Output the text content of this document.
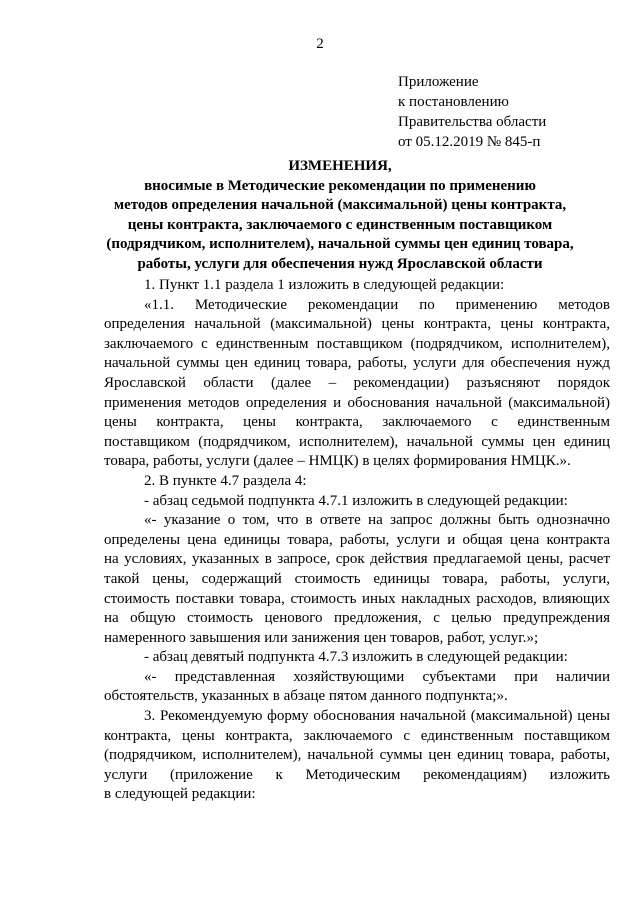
2
Приложение
к постановлению
Правительства области
от 05.12.2019 № 845-п
ИЗМЕНЕНИЯ,
вносимые в Методические рекомендации по применению
методов определения начальной (максимальной) цены контракта,
цены контракта, заключаемого с единственным поставщиком
(подрядчиком, исполнителем), начальной суммы цен единиц товара,
работы, услуги для обеспечения нужд Ярославской области
1. Пункт 1.1 раздела 1 изложить в следующей редакции:
«1.1. Методические рекомендации по применению методов
определения начальной (максимальной) цены контракта, цены контракта,
заключаемого с единственным поставщиком (подрядчиком, исполнителем),
начальной суммы цен единиц товара, работы, услуги для обеспечения нужд
Ярославской области (далее – рекомендации) разъясняют порядок
применения методов определения и обоснования начальной (максимальной)
цены контракта, цены контракта, заключаемого с единственным
поставщиком (подрядчиком, исполнителем), начальной суммы цен единиц
товара, работы, услуги (далее – НМЦК) в целях формирования НМЦК.».
2. В пункте 4.7 раздела 4:
- абзац седьмой подпункта 4.7.1 изложить в следующей редакции:
«- указание о том, что в ответе на запрос должны быть однозначно
определены цена единицы товара, работы, услуги и общая цена контракта
на условиях, указанных в запросе, срок действия предлагаемой цены, расчет
такой цены, содержащий стоимость единицы товара, работы, услуги,
стоимость поставки товара, стоимость иных накладных расходов, влияющих
на общую стоимость ценового предложения, с целью предупреждения
намеренного завышения или занижения цен товаров, работ, услуг.»;
- абзац девятый подпункта 4.7.3 изложить в следующей редакции:
«- представленная хозяйствующими субъектами при наличии
обстоятельств, указанных в абзаце пятом данного подпункта;».
3. Рекомендуемую форму обоснования начальной (максимальной) цены
контракта, цены контракта, заключаемого с единственным поставщиком
(подрядчиком, исполнителем), начальной суммы цен единиц товара, работы,
услуги (приложение к Методическим рекомендациям) изложить
в следующей редакции:
